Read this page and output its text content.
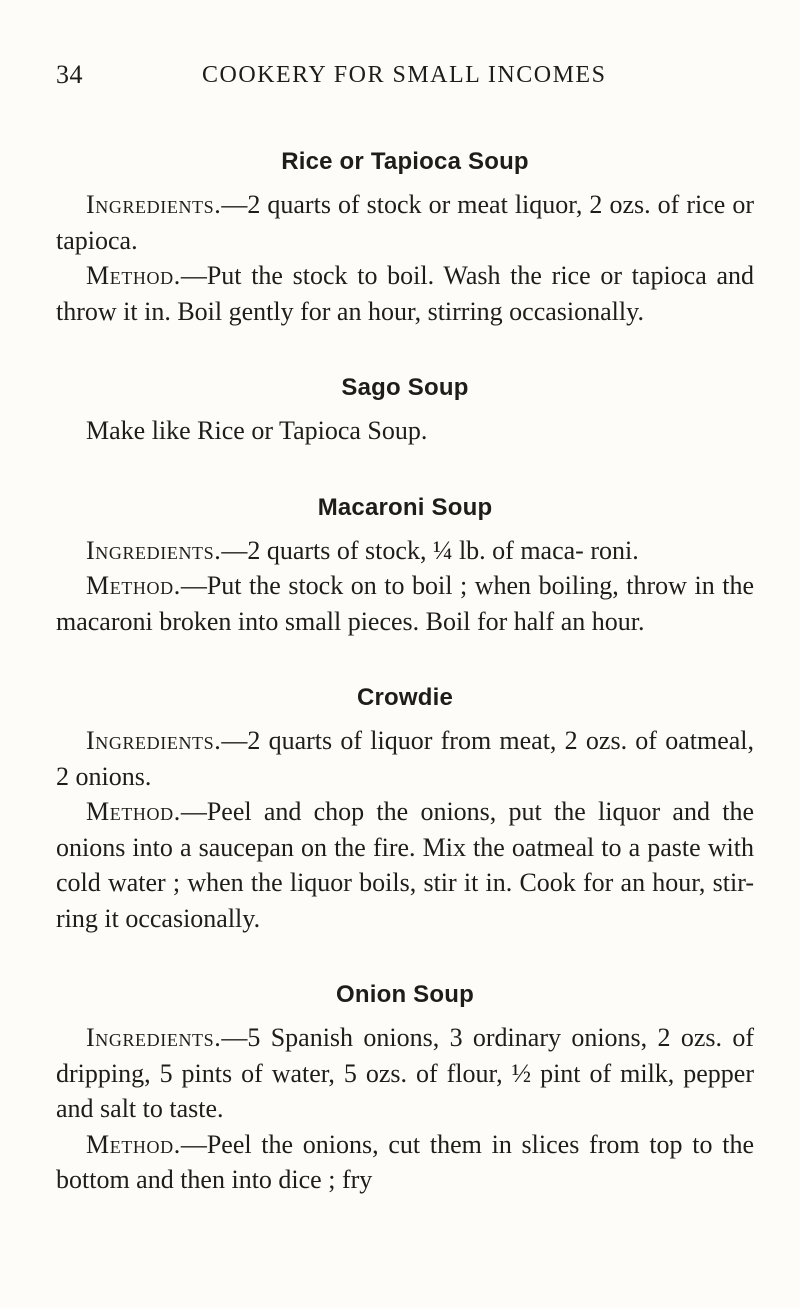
34	COOKERY FOR SMALL INCOMES
Rice or Tapioca Soup

Ingredients.—2 quarts of stock or meat liquor, 2 ozs. of rice or tapioca.

Method.—Put the stock to boil. Wash the rice or tapioca and throw it in. Boil gently for an hour, stirring occasionally.

Sago Soup

Make like Rice or Tapioca Soup.

Macaroni Soup

Ingredients.—2 quarts of stock, ¼ lb. of maca- roni.

Method.—Put the stock on to boil ; when boiling, throw in the macaroni broken into small pieces. Boil for half an hour.

Crowdie

Ingredients.—2 quarts of liquor from meat, 2 ozs. of oatmeal, 2 onions.

Method.—Peel and chop the onions, put the liquor and the onions into a saucepan on the fire. Mix the oatmeal to a paste with cold water ; when the liquor boils, stir it in. Cook for an hour, stir- ring it occasionally.

Onion Soup

Ingredients.—5 Spanish onions, 3 ordinary onions, 2 ozs. of dripping, 5 pints of water, 5 ozs. of flour, ½ pint of milk, pepper and salt to taste.

Method.—Peel the onions, cut them in slices from top to the bottom and then into dice ; fry
